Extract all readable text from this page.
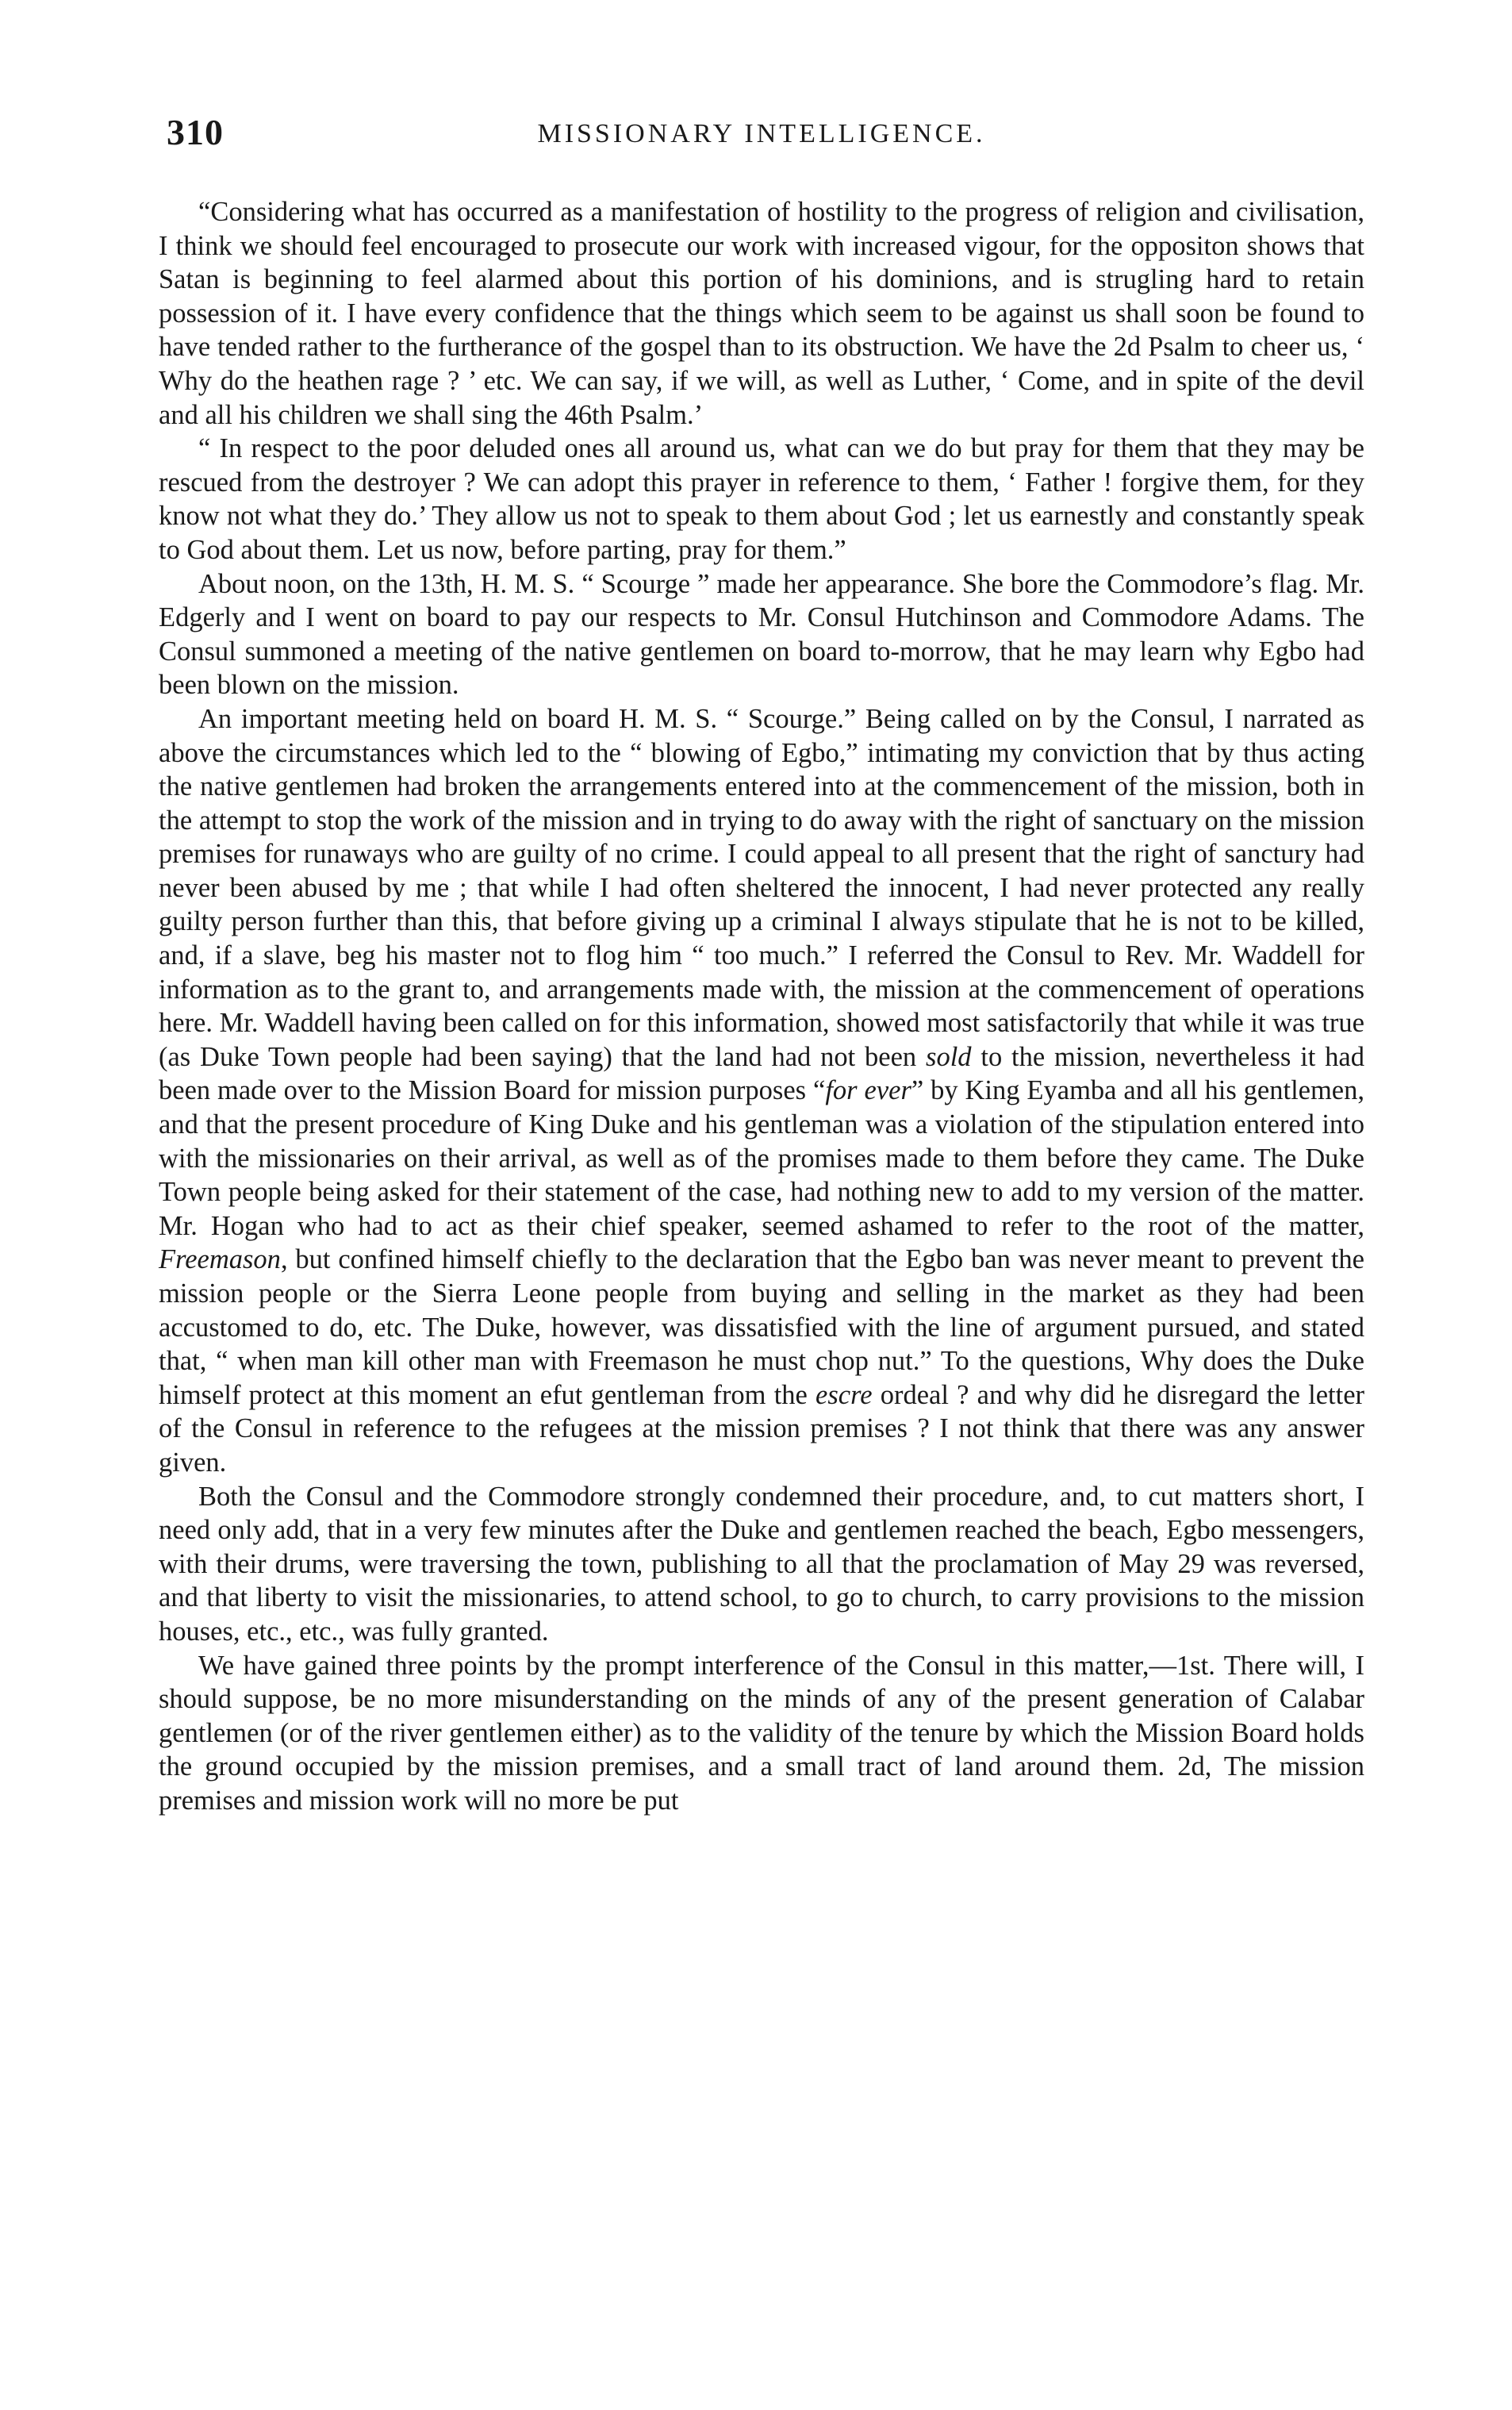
310	MISSIONARY INTELLIGENCE.

“Considering what has occurred as a manifestation of hostility to the progress of religion and civilisation, I think we should feel encouraged to prosecute our work with increased vigour, for the oppositon shows that Satan is beginning to feel alarmed about this portion of his dominions, and is strugling hard to retain possession of it. I have every confidence that the things which seem to be against us shall soon be found to have tended rather to the furtherance of the gospel than to its obstruction. We have the 2d Psalm to cheer us, ‘ Why do the heathen rage ? ’ etc. We can say, if we will, as well as Luther, ‘ Come, and in spite of the devil and all his children we shall sing the 46th Psalm.’

“ In respect to the poor deluded ones all around us, what can we do but pray for them that they may be rescued from the destroyer ? We can adopt this prayer in reference to them, ‘ Father ! forgive them, for they know not what they do.’ They allow us not to speak to them about God ; let us earnestly and constantly speak to God about them. Let us now, before parting, pray for them.”

About noon, on the 13th, H. M. S. “ Scourge ” made her appearance. She bore the Commodore’s flag. Mr. Edgerly and I went on board to pay our respects to Mr. Consul Hutchinson and Commodore Adams. The Consul summoned a meeting of the native gentlemen on board to-morrow, that he may learn why Egbo had been blown on the mission.

An important meeting held on board H. M. S. “ Scourge.” Being called on by the Consul, I narrated as above the circumstances which led to the “ blowing of Egbo,” intimating my conviction that by thus acting the native gentlemen had broken the arrangements entered into at the commencement of the mission, both in the attempt to stop the work of the mission and in trying to do away with the right of sanctuary on the mission premises for runaways who are guilty of no crime. I could appeal to all present that the right of sanctury had never been abused by me ; that while I had often sheltered the innocent, I had never protected any really guilty person further than this, that before giving up a criminal I always stipulate that he is not to be killed, and, if a slave, beg his master not to flog him “ too much.” I referred the Consul to Rev. Mr. Waddell for information as to the grant to, and arrangements made with, the mission at the commencement of operations here. Mr. Waddell having been called on for this information, showed most satisfactorily that while it was true (as Duke Town people had been saying) that the land had not been sold to the mission, nevertheless it had been made over to the Mission Board for mission purposes “for ever” by King Eyamba and all his gentlemen, and that the present procedure of King Duke and his gentleman was a violation of the stipulation entered into with the missionaries on their arrival, as well as of the promises made to them before they came. The Duke Town people being asked for their statement of the case, had nothing new to add to my version of the matter. Mr. Hogan who had to act as their chief speaker, seemed ashamed to refer to the root of the matter, Freemason, but confined himself chiefly to the declaration that the Egbo ban was never meant to prevent the mission people or the Sierra Leone people from buying and selling in the market as they had been accustomed to do, etc. The Duke, however, was dissatisfied with the line of argument pursued, and stated that, “ when man kill other man with Freemason he must chop nut.” To the questions, Why does the Duke himself protect at this moment an efut gentleman from the escre ordeal ? and why did he disregard the letter of the Consul in reference to the refugees at the mission premises ? I not think that there was any answer given.

Both the Consul and the Commodore strongly condemned their procedure, and, to cut matters short, I need only add, that in a very few minutes after the Duke and gentlemen reached the beach, Egbo messengers, with their drums, were traversing the town, publishing to all that the proclamation of May 29 was reversed, and that liberty to visit the missionaries, to attend school, to go to church, to carry provisions to the mission houses, etc., etc., was fully granted.

We have gained three points by the prompt interference of the Consul in this matter,—1st. There will, I should suppose, be no more misunderstanding on the minds of any of the present generation of Calabar gentlemen (or of the river gentlemen either) as to the validity of the tenure by which the Mission Board holds the ground occupied by the mission premises, and a small tract of land around them. 2d, The mission premises and mission work will no more be put
